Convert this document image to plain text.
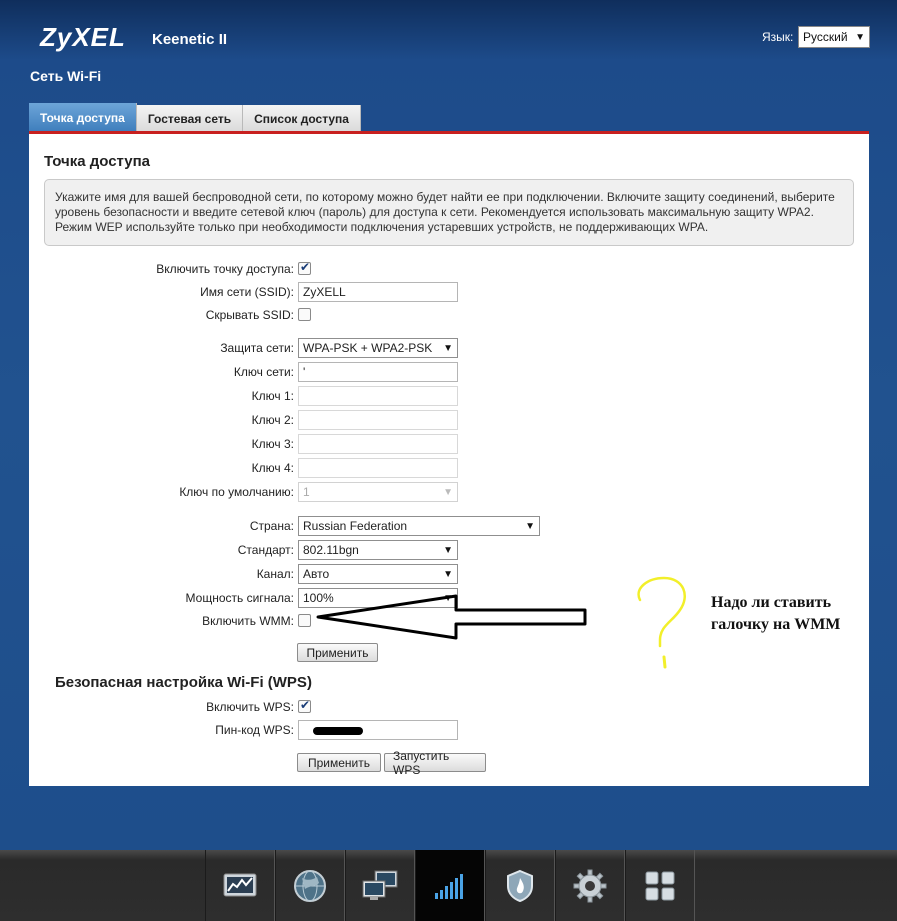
ZyXEL Keenetic II	Язык: Русский ▼
Сеть Wi-Fi
Точка доступа	Гостевая сеть	Список доступа
Точка доступа
Укажите имя для вашей беспроводной сети, по которому можно будет найти ее при подключении. Включите защиту соединений, выберите уровень безопасности и введите сетевой ключ (пароль) для доступа к сети. Рекомендуется использовать максимальную защиту WPA2. Режим WEP используйте только при необходимости подключения устаревших устройств, не поддерживающих WPA.
Включить точку доступа:
✔
Имя сети (SSID): ZyXELL
Скрывать SSID:
Защита сети: WPA-PSK + WPA2-PSK ▼
Ключ сети: '
Ключ 1:
Ключ 2:
Ключ 3:
Ключ 4:
Ключ по умолчанию: 1	▼
Страна: Russian Federation	▼
Стандарт: 802.11bgn	▼
Канал: Авто	▼
Мощность сигнала: 100%	▼
Включить WMM:
Применить
Безопасная настройка Wi-Fi (WPS)
Включить WPS:
✔
Пин-код WPS:
Применить	Запустить WPS
Надо ли ставить галочку на WMM
